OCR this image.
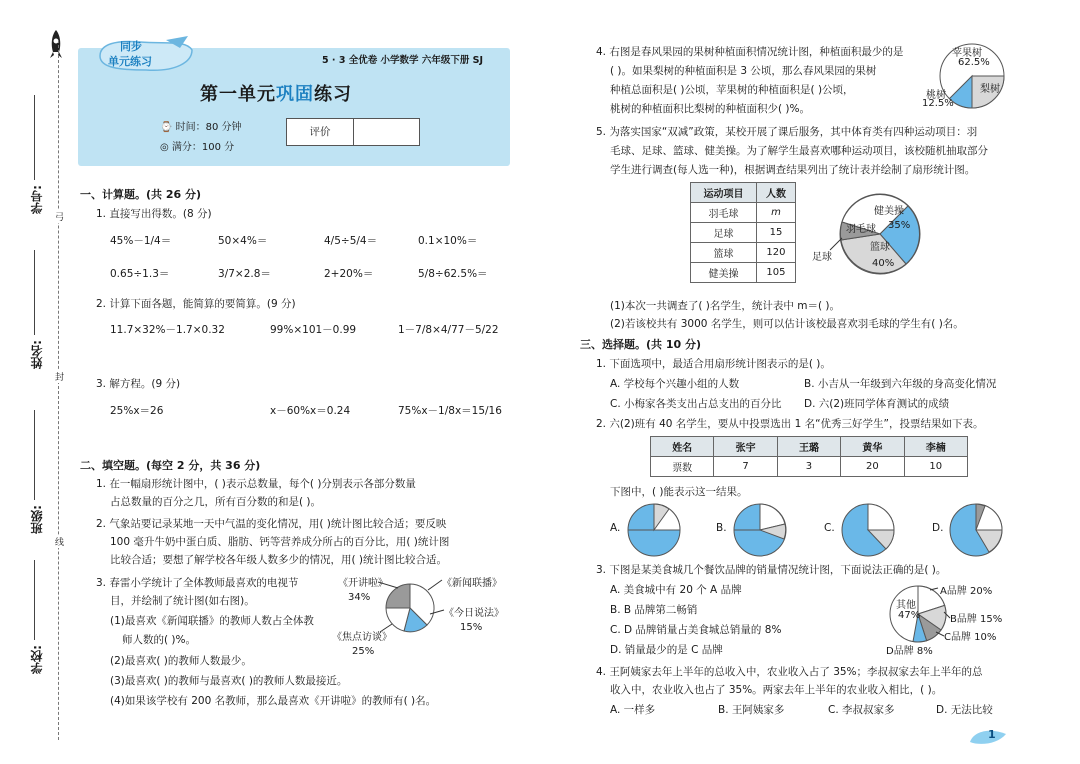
学号:
姓名:
班级:
学校:
弓
封
线
同步
单元练习	5 · 3 全优卷 小学数学 六年级下册 SJ
第一单元巩固练习
⌚ 时间：80 分钟
◎ 满分：100 分
评价
一、计算题。(共 26 分)
1. 直接写出得数。(8 分)
45%－1/4＝	50×4%＝	4/5÷5/4＝	0.1×10%＝
0.65÷1.3＝	3/7×2.8＝	2+20%＝	5/8÷62.5%＝
2. 计算下面各题，能简算的要简算。(9 分)
11.7×32%－1.7×0.32	99%×101－0.99	1－7/8×4/77－5/22
3. 解方程。(9 分)
25%x＝26	x－60%x＝0.24	75%x－1/8x＝15/16
二、填空题。(每空 2 分，共 36 分)
1. 在一幅扇形统计图中，( )表示总数量，每个( )分别表示各部分数量
占总数量的百分之几，所有百分数的和是( )。
2. 气象站要记录某地一天中气温的变化情况，用( )统计图比较合适；要反映
100 毫升牛奶中蛋白质、脂肪、钙等营养成分所占的百分比，用( )统计图
比较合适；要想了解学校各年级人数多少的情况，用( )统计图比较合适。
3. 春雷小学统计了全体教师最喜欢的电视节
目，并绘制了统计图(如右图)。
(1)最喜欢《新闻联播》的教师人数占全体教
师人数的( )%。
(2)最喜欢( )的教师人数最少。
(3)最喜欢( )的教师与最喜欢( )的教师人数最接近。
(4)如果该学校有 200 名教师，那么最喜欢《开讲啦》的教师有( )名。
《开讲啦》
34%
《新闻联播》
《今日说法》
15%
《焦点访谈》
25%
4. 右图是春风果园的果树种植面积情况统计图，种植面积最少的是
( )。如果梨树的种植面积是 3 公顷，那么春风果园的果树
种植总面积是( )公顷，苹果树的种植面积是( )公顷，
桃树的种植面积比梨树的种植面积少( )%。
苹果树
62.5%
桃树
12.5%
梨树
5. 为落实国家“双减”政策，某校开展了课后服务，其中体育类有四种运动项目：羽
毛球、足球、篮球、健美操。为了解学生最喜欢哪种运动项目，该校随机抽取部分
学生进行调查(每人选一种)，根据调查结果列出了统计表并绘制了扇形统计图。
运动项目	人数
羽毛球	m
足球	15
篮球	120
健美操	105
健美操
羽毛球 35%
篮球
足球
40%
(1)本次一共调查了( )名学生，统计表中 m＝( )。
(2)若该校共有 3000 名学生，则可以估计该校最喜欢羽毛球的学生有( )名。
三、选择题。(共 10 分)
1. 下面选项中，最适合用扇形统计图表示的是( )。
A. 学校每个兴趣小组的人数	B. 小吉从一年级到六年级的身高变化情况
C. 小梅家各类支出占总支出的百分比 D. 六(2)班同学体育测试的成绩
2. 六(2)班有 40 名学生，要从中投票选出 1 名“优秀三好学生”，投票结果如下表。
姓名	张宇	王璐	黄华	李楠
票数	7	3	20	10
下图中，( )能表示这一结果。
A.	B.	C.	D.
3. 下图是某美食城几个餐饮品牌的销量情况统计图，下面说法正确的是( )。
A. 美食城中有 20 个 A 品牌
B. B 品牌第二畅销
C. D 品牌销量占美食城总销量的 8%
D. 销量最少的是 C 品牌
A品牌 20%
其他
47%	B品牌 15%
C品牌 10%
D品牌 8%
4. 王阿姨家去年上半年的总收入中，农业收入占了 35%；李叔叔家去年上半年的总
收入中，农业收入也占了 35%。两家去年上半年的农业收入相比，( )。
A. 一样多	B. 王阿姨家多	C. 李叔叔家多	D. 无法比较
1
